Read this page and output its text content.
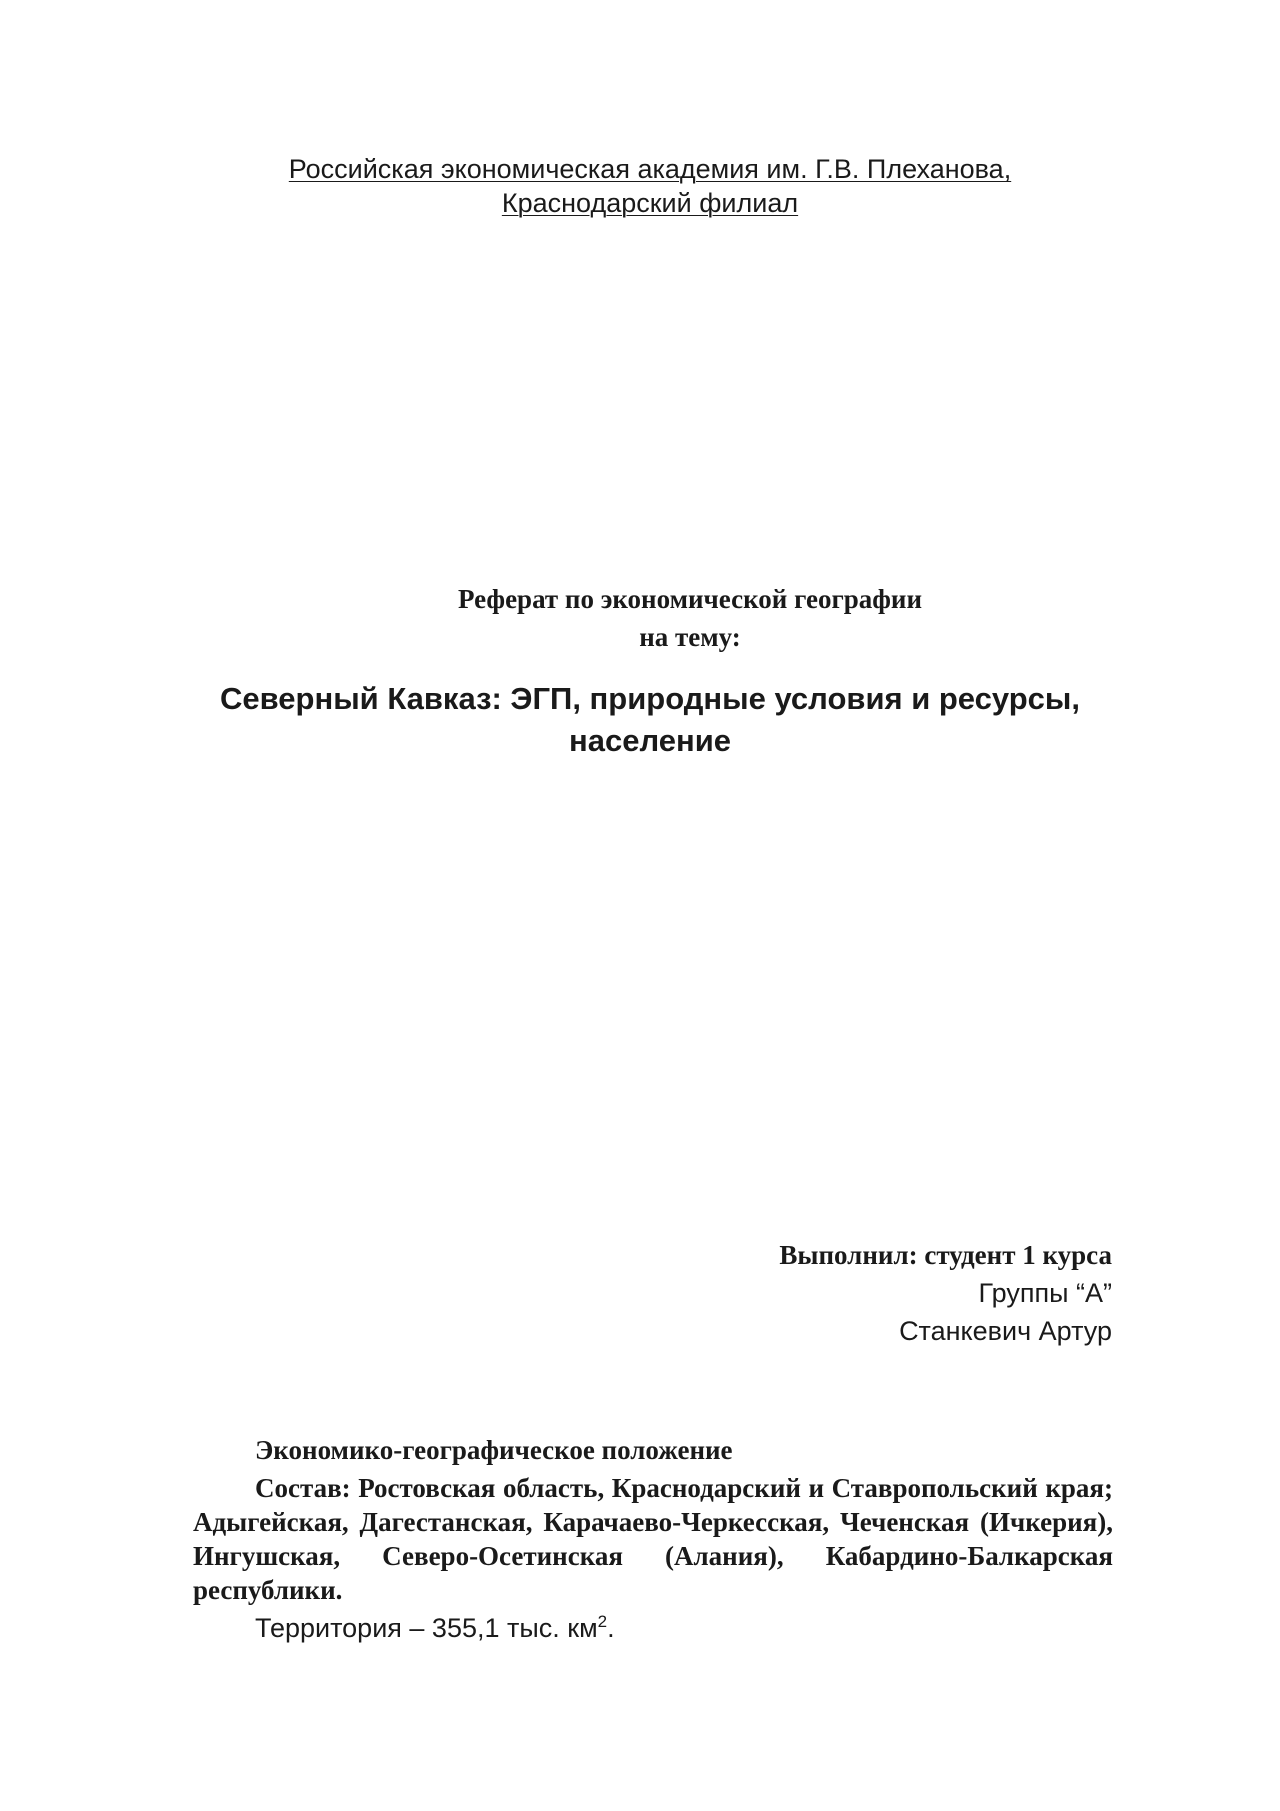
Российская экономическая академия им. Г.В. Плеханова,
Краснодарский филиал
Реферат по экономической географии
на тему:
Северный Кавказ: ЭГП, природные условия и ресурсы,
население
Выполнил: студент 1 курса
Группы “А”
Станкевич Артур

Экономико-географическое положение

Состав: Ростовская область, Краснодарский и Ставропольский края; Адыгейская, Дагестанская, Карачаево-Черкесская, Чеченская (Ичкерия), Ингушская, Северо-Осетинская (Алания), Кабардино-Балкарская республики.

Территория – 355,1 тыс. $км^2$.
